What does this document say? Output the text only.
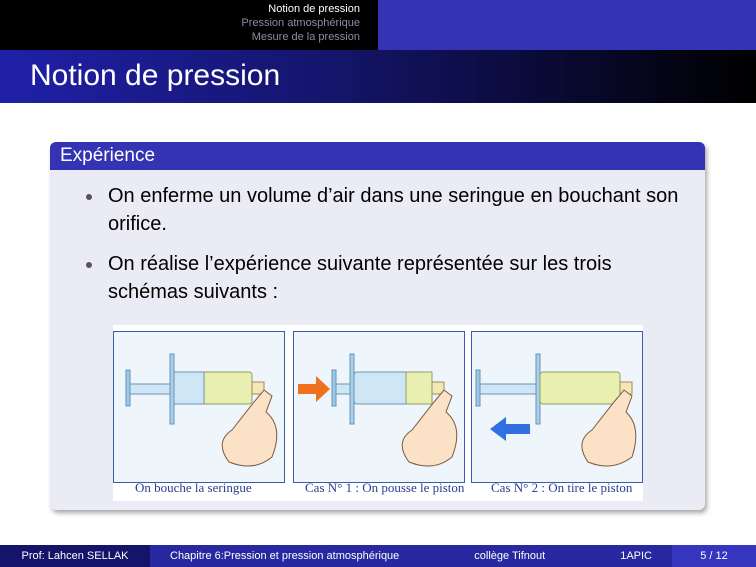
Notion de pression
Pression atmosphérique
Mesure de la pression
Notion de pression
Expérience
On enferme un volume d’air dans une seringue en bouchant son orifice.
On réalise l’expérience suivante représentée sur les trois schémas suivants :
On bouche la seringue	Cas N° 1 : On pousse le piston Cas N° 2 : On tire le piston
Prof: Lahcen SELLAK	Chapitre 6:Pression et pression atmosphérique	collège Tifnout	1APIC	5 / 12
